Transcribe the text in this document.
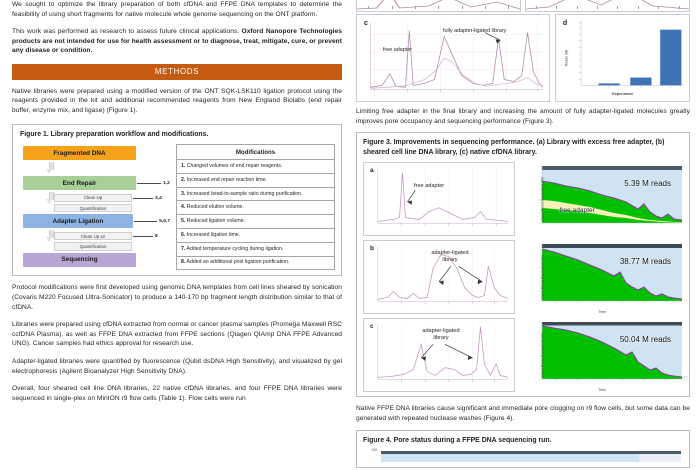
We sought to optimize the library preparation of both cfDNA and FFPE DNA templates to determine the feasibility of using short fragments for native molecule whole genome sequencing on the ONT platform.

This work was performed as research to assess future clinical applications. Oxford Nanopore Technologies products are not intended for use for health assessment or to diagnose, treat, mitigate, cure, or prevent any disease or condition.

METHODS

Native libraries were prepared using a modified version of the ONT SQK-LSK110 ligation protocol using the reagents provided in the kit and additional recommended reagents from New England Biolabs (end repair buffer, enzyme mix, and ligase) (Figure 1).

Figure 1. Library preparation workflow and modifications.
Fragmented DNA
End Repair	1,2
Clean Up
Quantification
3,4
Adapter Ligation	5,6,7
Clean Up x2
Quantification
8
Sequencing
Modifications
1. Changed volumes of end repair reagents.
2. Increased end repair reaction time.
3. Increased bead-to-sample ratio during purification.
4. Reduced elution volume.
5. Reduced ligation volume.
6. Increased ligation time.
7. Added temperature cycling during ligation.
8. Added an additional post ligation purification.

Protocol modifications were first developed using genomic DNA templates from cell lines sheared by sonication (Covaris M220 Focused Ultra-Sonicator) to produce a 140-170 bp fragment length distribution similar to that of cfDNA.

Libraries were prepared using cfDNA extracted from normal or cancer plasma samples (Promega Maxwell RSC ccfDNA Plasma), as well as FFPE DNA extracted from FFPE sections (Qiagen QIAmp DNA FFPE Advanced UNG). Cancer samples had ethics approval for research use.

Adapter-ligated libraries were quantified by fluorescence (Qubit dsDNA High Sensitivity), and visualized by gel electrophoresis (Agilent Bioanalyzer High Sensitivity DNA).

Overall, four sheared cell line DNA libraries, 22 native cfDNA libraries, and four FFPE DNA libraries were sequenced in single-plex on MinION r9 flow cells (Table 1). Flow cells were run

c
free adapter
fully adapter-ligated library
d
Reads (M)
Experiment

Limiting free adapter in the final library and increasing the amount of fully adapter-ligated molecules greatly improves pore occupancy and sequencing performance (Figure 3).

Figure 3. Improvements in sequencing performance. (a) Library with excess free adapter, (b) sheared cell line DNA library, (c) native cfDNA library.
a
free adapter	Nano Pores Equivalent (%)	5.39 M reads
free adapter
b
adapter-ligated library	Nano Pores Equivalent (%)
Time
38.77 M reads
c
adapter-ligated library	Nano Pores Equivalent (%)
Time
50.04 M reads

Native FFPE DNA libraries cause significant and immediate pore clogging on r9 flow cells, but some data can be generated with repeated nuclease washes (Figure 4).

Figure 4. Pore status during a FFPE DNA sequencing run.
100
